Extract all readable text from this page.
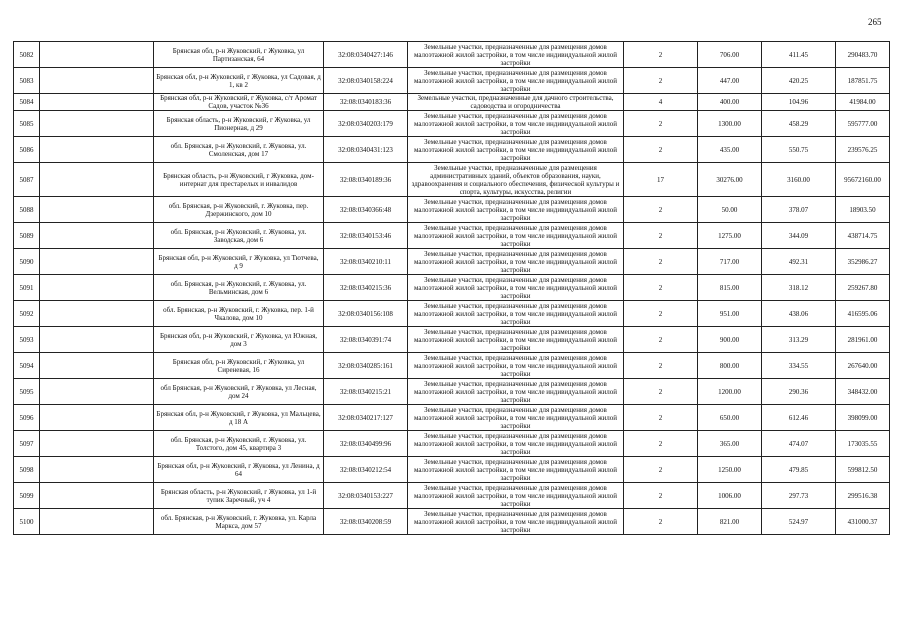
265
5082		Брянская обл, р-н Жуковский, г Жуковка, ул Партизанская, 64	32:08:0340427:146	Земельные участки, предназначенные для размещения домов малоэтажной жилой застройки, в том числе индивидуальной жилой застройки	2	706.00	411.45	290483.70
5083		Брянская обл, р-н Жуковский, г Жуковка, ул Садовая, д 1, кв 2	32:08:0340158:224	Земельные участки, предназначенные для размещения домов малоэтажной жилой застройки, в том числе индивидуальной жилой застройки	2	447.00	420.25	187851.75
5084		Брянская обл, р-н Жуковский, г Жуковка, с/т Аромат Садов, участок №36	32:08:0340183:36	Земельные участки, предназначенные для дачного строительства, садоводства и огородничества	4	400.00	104.96	41984.00
5085		Брянская область, р-н Жуковский, г Жуковка, ул Пионерная, д 29	32:08:0340203:179	Земельные участки, предназначенные для размещения домов малоэтажной жилой застройки, в том числе индивидуальной жилой застройки	2	1300.00	458.29	595777.00
5086		обл. Брянская, р-н Жуковский, г. Жуковка, ул. Смоленская, дом 17	32:08:0340431:123	Земельные участки, предназначенные для размещения домов малоэтажной жилой застройки, в том числе индивидуальной жилой застройки	2	435.00	550.75	239576.25
5087		Брянская область, р-н Жуковский, г Жуковка, дом-интернат для престарелых и инвалидов	32:08:0340189:36	Земельные участки, предназначенные для размещения административных зданий, объектов образования, науки, здравоохранения и социального обеспечения, физической культуры и спорта, культуры, искусства, религии	17	30276.00	3160.00	95672160.00
5088		обл. Брянская, р-н Жуковский, г. Жуковка, пер. Дзержинского, дом 10	32:08:0340366:48	Земельные участки, предназначенные для размещения домов малоэтажной жилой застройки, в том числе индивидуальной жилой застройки	2	50.00	378.07	18903.50
5089		обл. Брянская, р-н Жуковский, г. Жуковка, ул. Заводская, дом 6	32:08:0340153:46	Земельные участки, предназначенные для размещения домов малоэтажной жилой застройки, в том числе индивидуальной жилой застройки	2	1275.00	344.09	438714.75
5090		Брянская обл, р-н Жуковский, г Жуковка, ул Тютчева, д 9	32:08:0340210:11	Земельные участки, предназначенные для размещения домов малоэтажной жилой застройки, в том числе индивидуальной жилой застройки	2	717.00	492.31	352986.27
5091		обл. Брянская, р-н Жуковский, г. Жуковка, ул. Вельминская, дом 6	32:08:0340215:36	Земельные участки, предназначенные для размещения домов малоэтажной жилой застройки, в том числе индивидуальной жилой застройки	2	815.00	318.12	259267.80
5092		обл. Брянская, р-н Жуковский, г. Жуковка, пер. 1-й Чкалова, дом 10	32:08:0340156:108	Земельные участки, предназначенные для размещения домов малоэтажной жилой застройки, в том числе индивидуальной жилой застройки	2	951.00	438.06	416595.06
5093		Брянская обл, р-н Жуковский, г Жуковка, ул Южная, дом 3	32:08:0340391:74	Земельные участки, предназначенные для размещения домов малоэтажной жилой застройки, в том числе индивидуальной жилой застройки	2	900.00	313.29	281961.00
5094		Брянская обл, р-н Жуковский, г Жуковка, ул Сиреневая, 16	32:08:0340285:161	Земельные участки, предназначенные для размещения домов малоэтажной жилой застройки, в том числе индивидуальной жилой застройки	2	800.00	334.55	267640.00
5095		обл Брянская, р-н Жуковский, г Жуковка, ул Лесная, дом 24	32:08:0340215:21	Земельные участки, предназначенные для размещения домов малоэтажной жилой застройки, в том числе индивидуальной жилой застройки	2	1200.00	290.36	348432.00
5096		Брянская обл, р-н Жуковский, г Жуковка, ул Мальцева, д 18 А	32:08:0340217:127	Земельные участки, предназначенные для размещения домов малоэтажной жилой застройки, в том числе индивидуальной жилой застройки	2	650.00	612.46	398099.00
5097		обл. Брянская, р-н Жуковский, г. Жуковка, ул. Толстого, дом 45, квартира 3	32:08:0340499:96	Земельные участки, предназначенные для размещения домов малоэтажной жилой застройки, в том числе индивидуальной жилой застройки	2	365.00	474.07	173035.55
5098		Брянская обл, р-н Жуковский, г Жуковка, ул Ленина, д 64	32:08:0340212:54	Земельные участки, предназначенные для размещения домов малоэтажной жилой застройки, в том числе индивидуальной жилой застройки	2	1250.00	479.85	599812.50
5099		Брянская область, р-н Жуковский, г Жуковка, ул 1-й тупик Заречный, уч 4	32:08:0340153:227	Земельные участки, предназначенные для размещения домов малоэтажной жилой застройки, в том числе индивидуальной жилой застройки	2	1006.00	297.73	299516.38
5100		обл. Брянская, р-н Жуковский, г. Жуковка, ул. Карла Маркса, дом 57	32:08:0340208:59	Земельные участки, предназначенные для размещения домов малоэтажной жилой застройки, в том числе индивидуальной жилой застройки	2	821.00	524.97	431000.37
